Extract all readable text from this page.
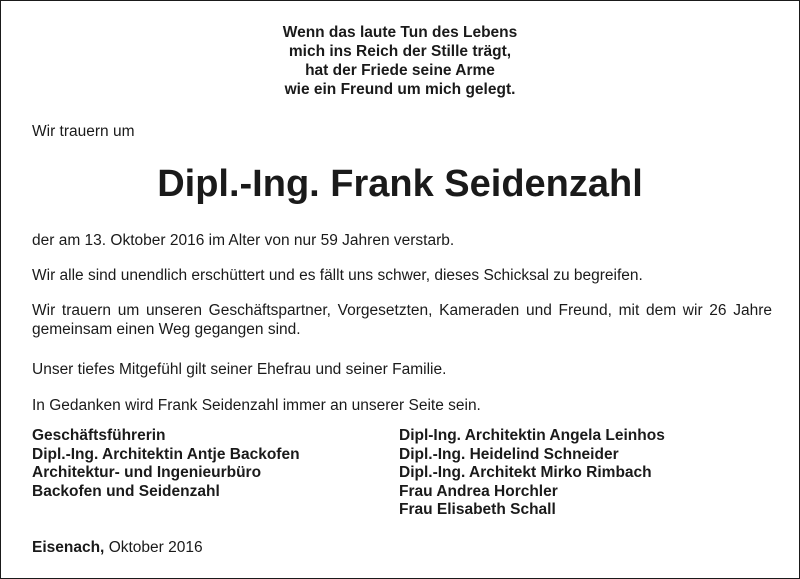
Wenn das laute Tun des Lebens
mich ins Reich der Stille trägt,
hat der Friede seine Arme
wie ein Freund um mich gelegt.
Wir trauern um
Dipl.-Ing. Frank Seidenzahl
der am 13. Oktober 2016 im Alter von nur 59 Jahren verstarb.
Wir alle sind unendlich erschüttert und es fällt uns schwer, dieses Schicksal zu begreifen.
Wir trauern um unseren Geschäftspartner, Vorgesetzten, Kameraden und Freund, mit dem wir 26 Jahre gemeinsam einen Weg gegangen sind.
Unser tiefes Mitgefühl gilt seiner Ehefrau und seiner Familie.
In Gedanken wird Frank Seidenzahl immer an unserer Seite sein.
Geschäftsführerin
Dipl.-Ing. Architektin Antje Backofen
Architektur- und Ingenieurbüro
Backofen und Seidenzahl
Dipl-Ing. Architektin Angela Leinhos
Dipl.-Ing. Heidelind Schneider
Dipl.-Ing. Architekt Mirko Rimbach
Frau Andrea Horchler
Frau Elisabeth Schall
Eisenach, Oktober 2016
